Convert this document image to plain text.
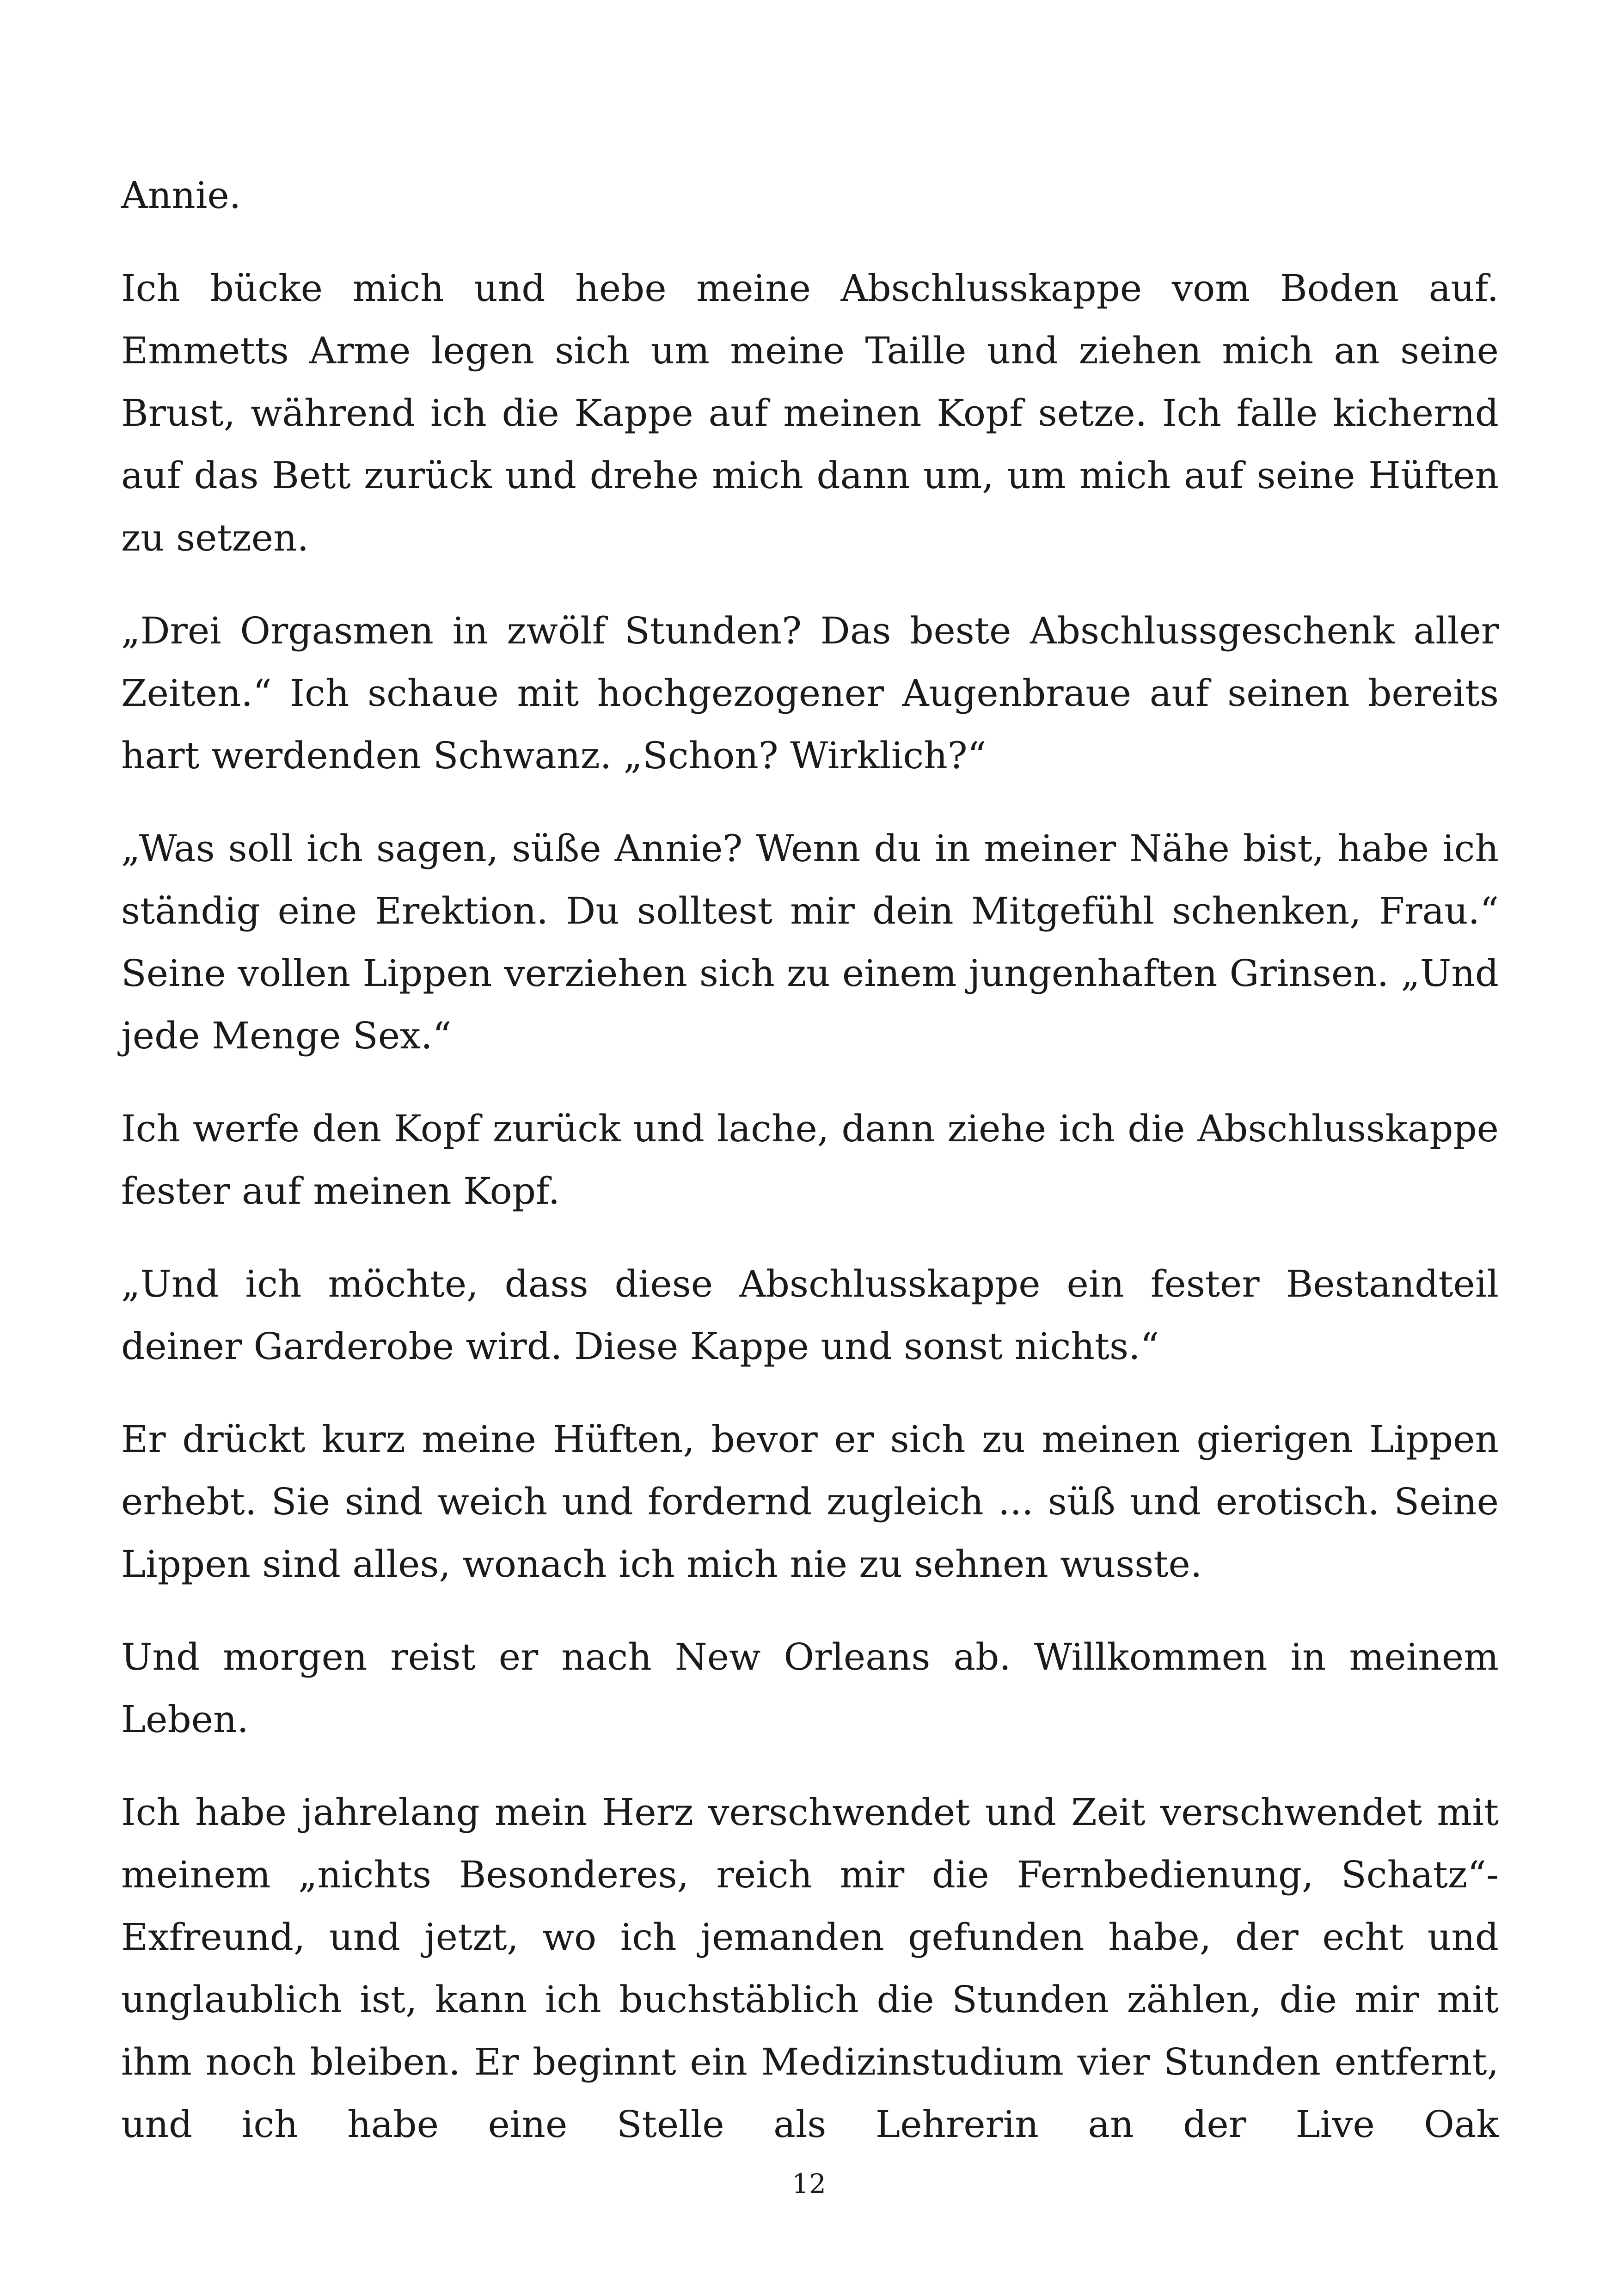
Annie.

Ich bücke mich und hebe meine Abschlusskappe vom Boden auf. Emmetts Arme legen sich um meine Taille und ziehen mich an seine Brust, während ich die Kappe auf meinen Kopf setze. Ich falle kichernd auf das Bett zurück und drehe mich dann um, um mich auf seine Hüften zu setzen.

„Drei Orgasmen in zwölf Stunden? Das beste Abschlussgeschenk aller Zeiten.“ Ich schaue mit hochgezogener Augenbraue auf seinen bereits hart werdenden Schwanz. „Schon? Wirklich?“

„Was soll ich sagen, süße Annie? Wenn du in meiner Nähe bist, habe ich ständig eine Erektion. Du solltest mir dein Mitgefühl schenken, Frau.“ Seine vollen Lippen verziehen sich zu einem jungenhaften Grinsen. „Und jede Menge Sex.“

Ich werfe den Kopf zurück und lache, dann ziehe ich die Abschlusskappe fester auf meinen Kopf.

„Und ich möchte, dass diese Abschlusskappe ein fester Bestandteil deiner Garderobe wird. Diese Kappe und sonst nichts.“

Er drückt kurz meine Hüften, bevor er sich zu meinen gierigen Lippen erhebt. Sie sind weich und fordernd zugleich ... süß und erotisch. Seine Lippen sind alles, wonach ich mich nie zu sehnen wusste.

Und morgen reist er nach New Orleans ab. Willkommen in meinem Leben.

Ich habe jahrelang mein Herz verschwendet und Zeit verschwendet mit meinem „nichts Besonderes, reich mir die Fernbedienung, Schatz“-Exfreund, und jetzt, wo ich jemanden gefunden habe, der echt und unglaublich ist, kann ich buchstäblich die Stunden zählen, die mir mit ihm noch bleiben. Er beginnt ein Medizinstudium vier Stunden entfernt, und ich habe eine Stelle als Lehrerin an der Live Oak

12
